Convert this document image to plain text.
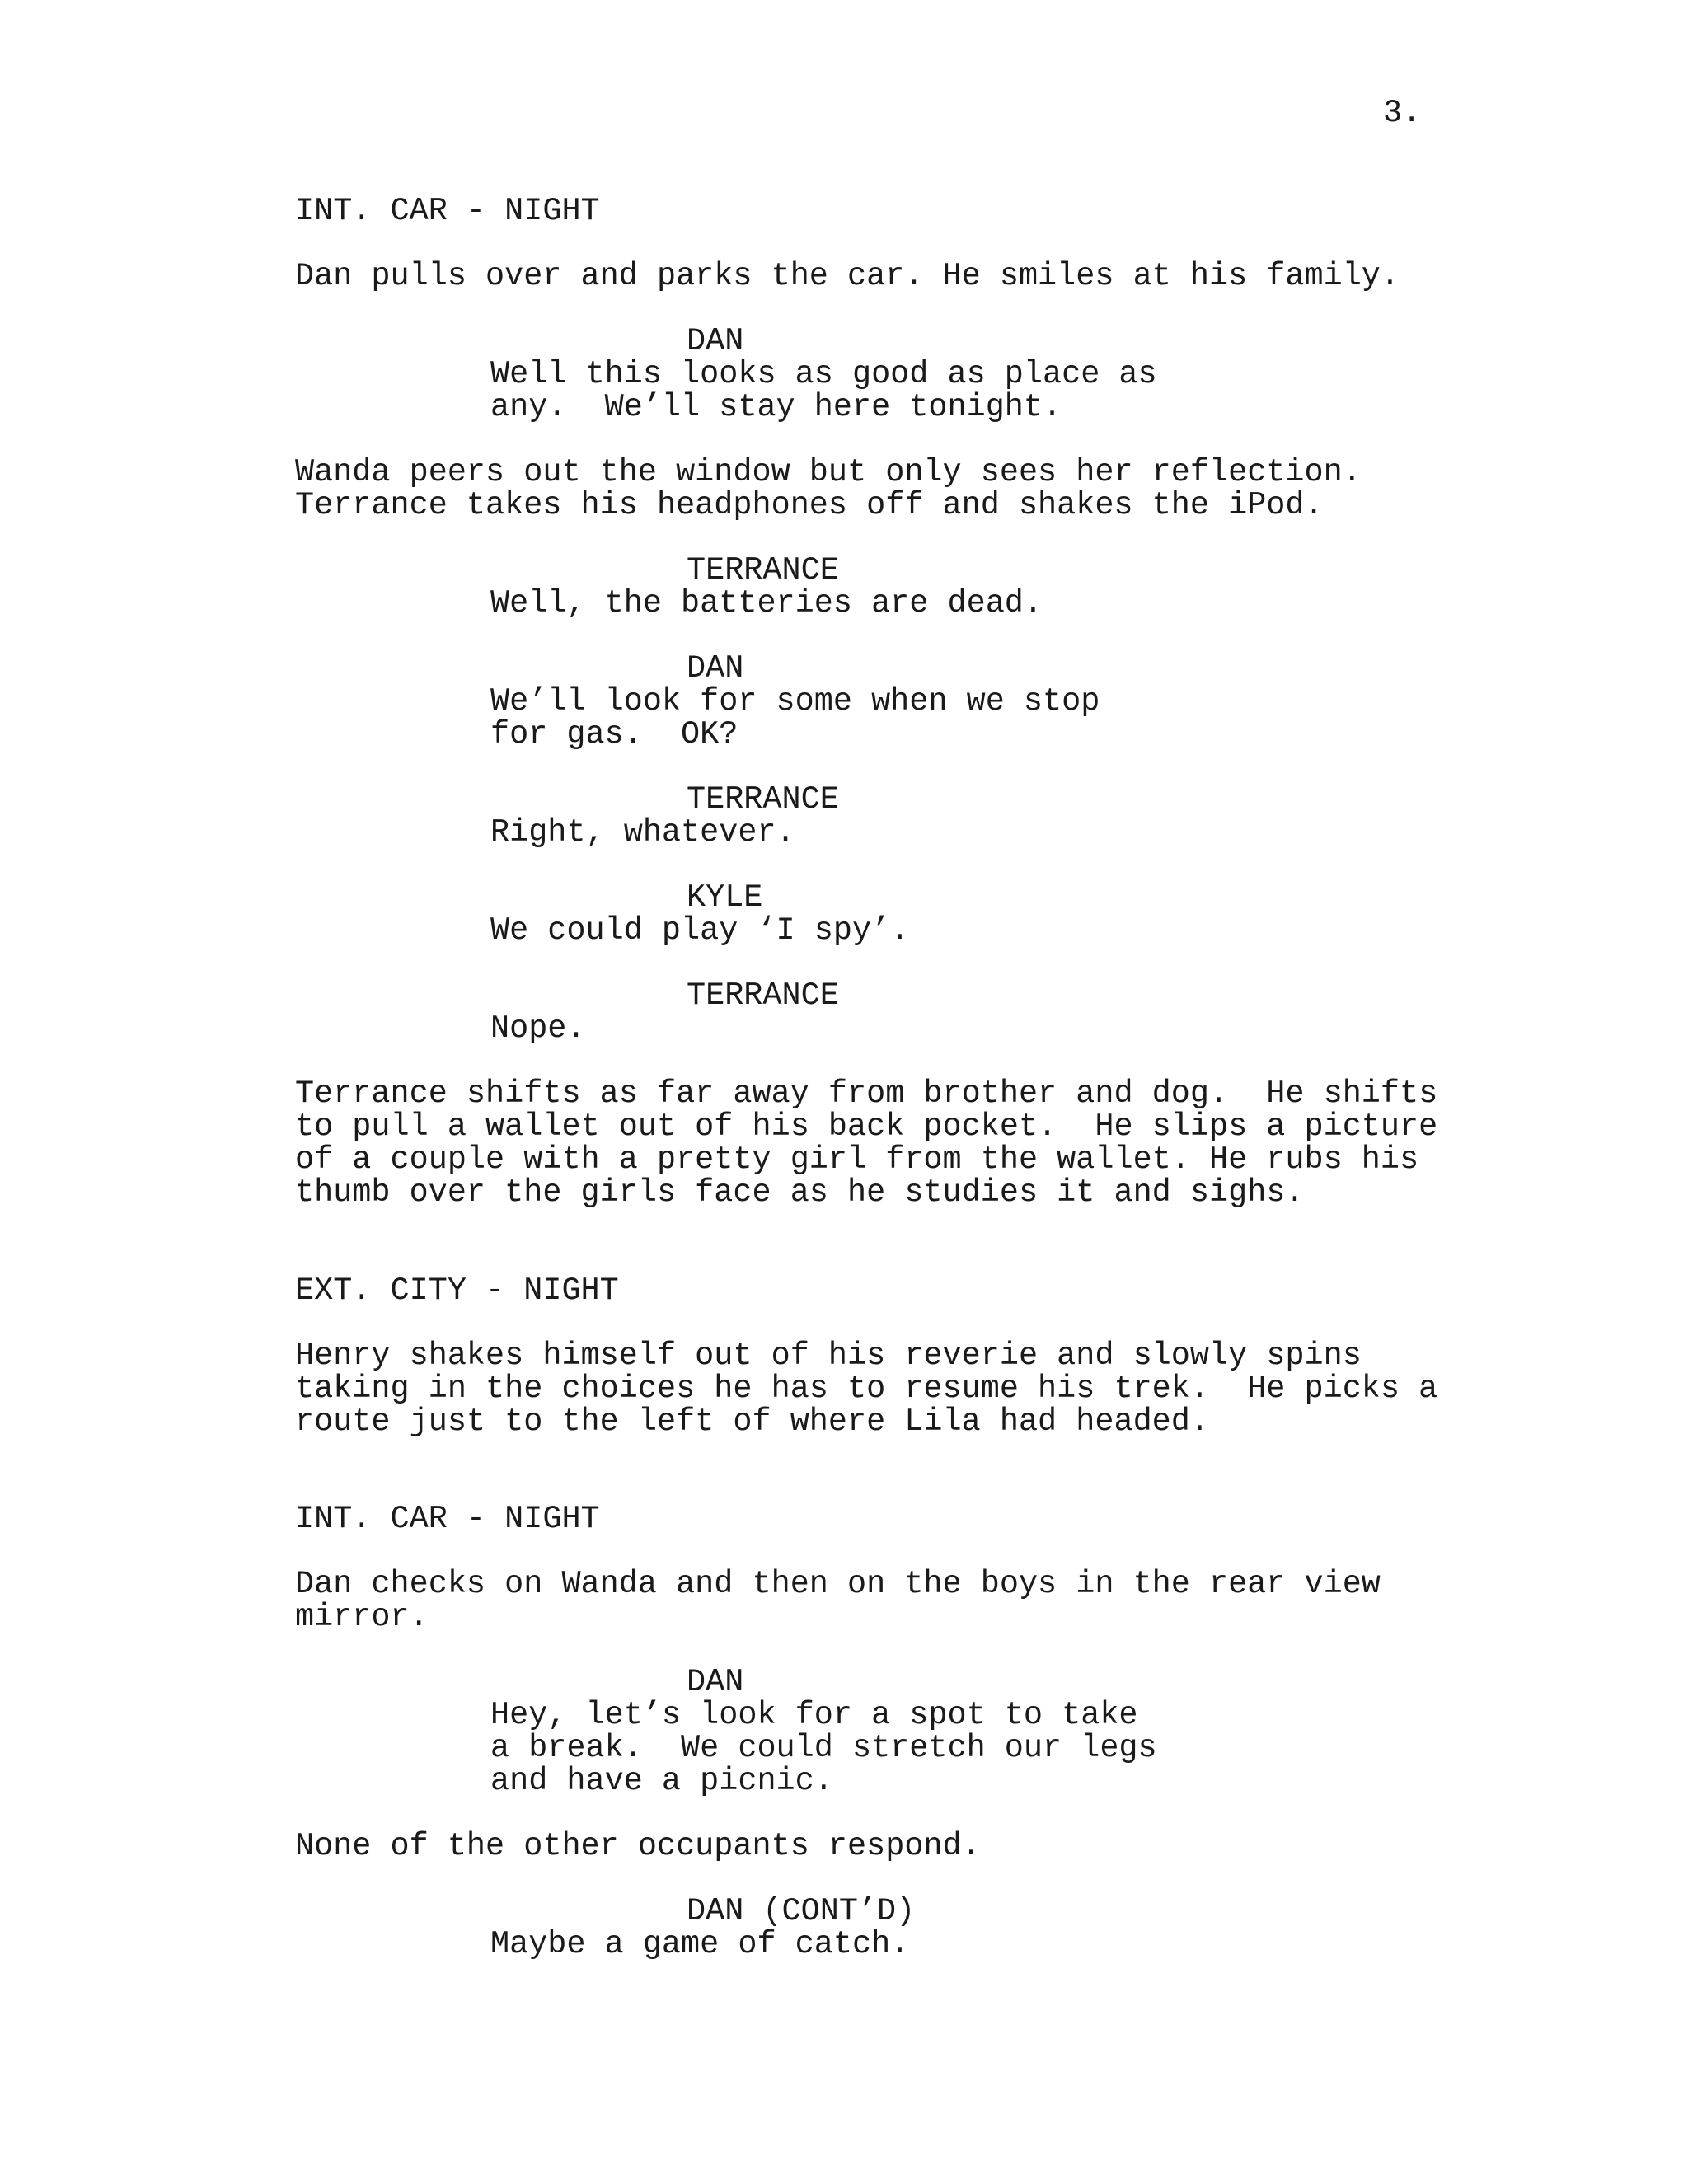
3.
INT. CAR - NIGHT
Dan pulls over and parks the car. He smiles at his family.
DAN
Well this looks as good as place as
any.  We’ll stay here tonight.
Wanda peers out the window but only sees her reflection.
Terrance takes his headphones off and shakes the iPod.
TERRANCE
Well, the batteries are dead.
DAN
We’ll look for some when we stop
for gas.  OK?
TERRANCE
Right, whatever.
KYLE
We could play ‘I spy’.
TERRANCE
Nope.
Terrance shifts as far away from brother and dog.  He shifts
to pull a wallet out of his back pocket.  He slips a picture
of a couple with a pretty girl from the wallet. He rubs his
thumb over the girls face as he studies it and sighs.
EXT. CITY - NIGHT
Henry shakes himself out of his reverie and slowly spins
taking in the choices he has to resume his trek.  He picks a
route just to the left of where Lila had headed.
INT. CAR - NIGHT
Dan checks on Wanda and then on the boys in the rear view
mirror.
DAN
Hey, let’s look for a spot to take
a break.  We could stretch our legs
and have a picnic.
None of the other occupants respond.
DAN (CONT’D)
Maybe a game of catch.
